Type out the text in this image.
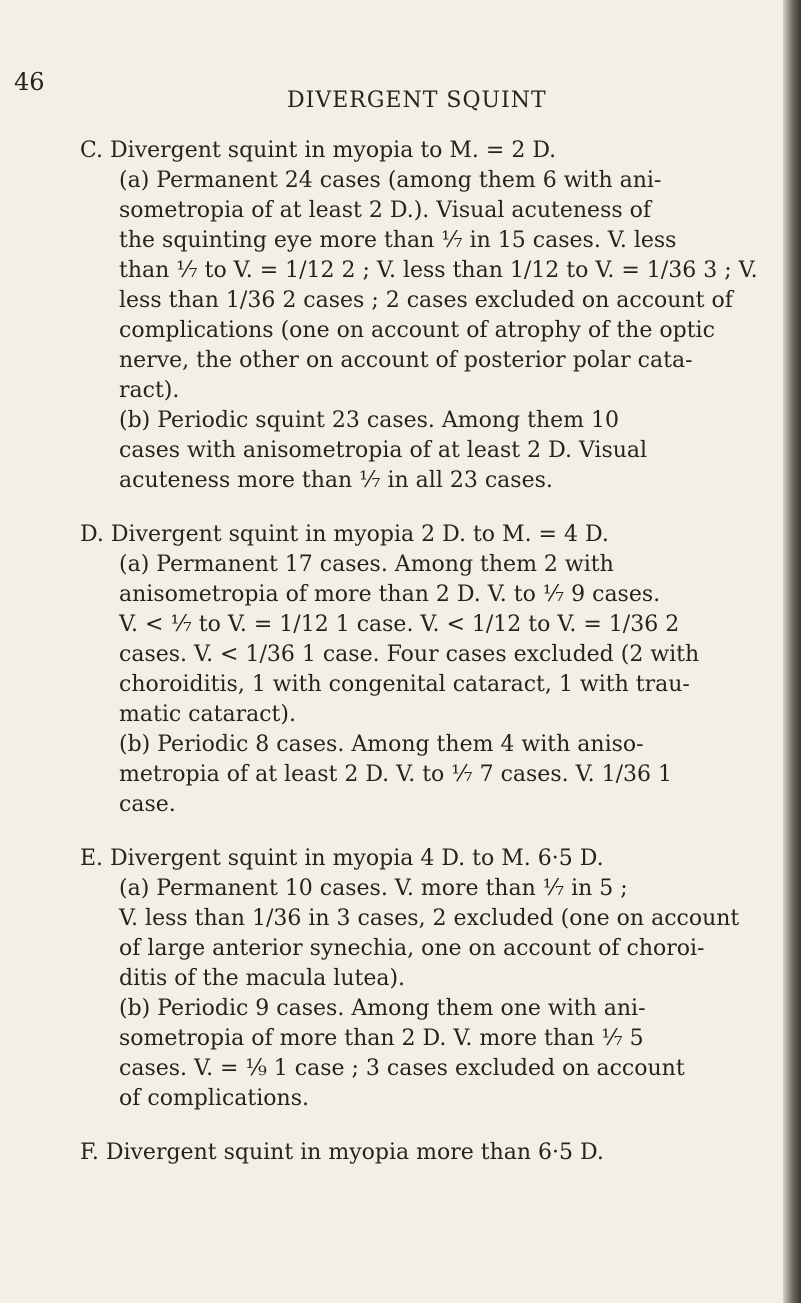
46
DIVERGENT SQUINT
C. Divergent squint in myopia to M. = 2 D.
(a) Permanent 24 cases (among them 6 with ani-
sometropia of at least 2 D.). Visual acuteness of
the squinting eye more than ⅐ in 15 cases. V. less
than ⅐ to V. = 1/12 2 ; V. less than 1/12 to V. = 1/36 3 ; V.
less than 1/36 2 cases ; 2 cases excluded on account of
complications (one on account of atrophy of the optic
nerve, the other on account of posterior polar cata-
ract).
(b) Periodic squint 23 cases. Among them 10
cases with anisometropia of at least 2 D. Visual
acuteness more than ⅐ in all 23 cases.
D. Divergent squint in myopia 2 D. to M. = 4 D.
(a) Permanent 17 cases. Among them 2 with
anisometropia of more than 2 D. V. to ⅐ 9 cases.
V. < ⅐ to V. = 1/12 1 case. V. < 1/12 to V. = 1/36 2
cases. V. < 1/36 1 case. Four cases excluded (2 with
choroiditis, 1 with congenital cataract, 1 with trau-
matic cataract).
(b) Periodic 8 cases. Among them 4 with aniso-
metropia of at least 2 D. V. to ⅐ 7 cases. V. 1/36 1
case.
E. Divergent squint in myopia 4 D. to M. 6·5 D.
(a) Permanent 10 cases. V. more than ⅐ in 5 ;
V. less than 1/36 in 3 cases, 2 excluded (one on account
of large anterior synechia, one on account of choroi-
ditis of the macula lutea).
(b) Periodic 9 cases. Among them one with ani-
sometropia of more than 2 D. V. more than ⅐ 5
cases. V. = ⅑ 1 case ; 3 cases excluded on account
of complications.
F. Divergent squint in myopia more than 6·5 D.
